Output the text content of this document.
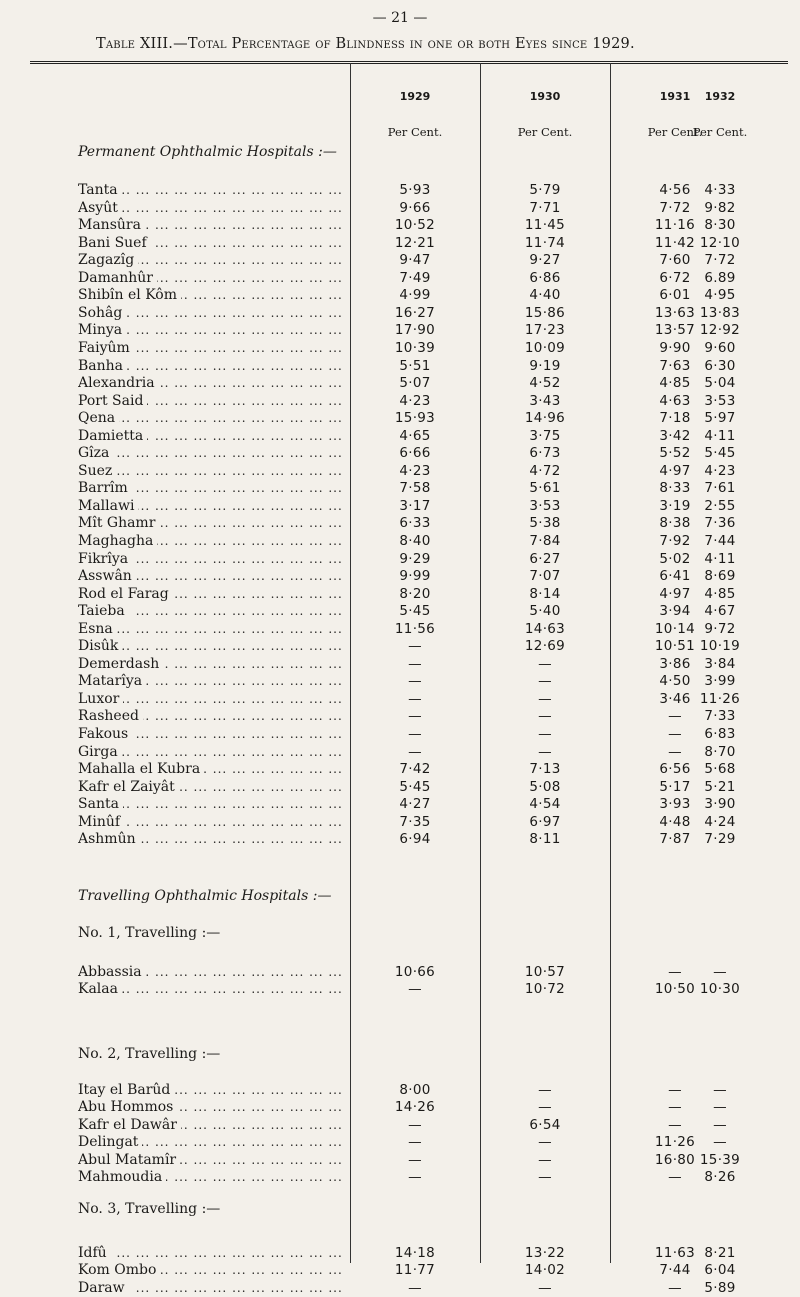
— 21 —
Table XIII.—Total Percentage of Blindness in one or both Eyes since 1929.
1929	1930	1931	1932
Per Cent.	Per Cent.	Per Cent.
Per Cent.
Permanent Ophthalmic Hospitals :—
Tanta ... .	5·93	5·79	4·56	4·33
Asyût ... .	9·66	7·71	7·72	9·82
Mansûra ... .	10·52	11·45	11·16 8·30
Bani Suef ... .	12·21	11·74	11·42 12·10
Zagazîg ... .	9·47	9·27	7·60	7·72
Damanhûr ... .	7·49	6·86	6·72	6.89
Shibîn el Kôm ... .	4·99	4·40	6·01	4·95
Sohâg ... .	16·27	15·86	13·63 13·83
Minya ... .	17·90	17·23	13·57 12·92
Faiyûm ... .	10·39	10·09	9·90	9·60
Banha ... .	5·51	9·19	7·63	6·30
Alexandria ... .	5·07	4·52	4·85	5·04
Port Said ... .	4·23	3·43	4·63	3·53
Qena ... .	15·93	14·96	7·18	5·97
Damietta ... .	4·65	3·75	3·42	4·11
Gîza ... .	6·66	6·73	5·52	5·45
Suez ... .	4·23	4·72	4·97	4·23
Barrîm ... .	7·58	5·61	8·33	7·61
Mallawi ... .	3·17	3·53	3·19	2·55
Mît Ghamr ... .	6·33	5·38	8·38	7·36
Maghagha ... .	8·40	7·84	7·92	7·44
Fikrîya ... .	9·29	6·27	5·02	4·11
Asswân ... .	9·99	7·07	6·41	8·69
Rod el Farag ... .	8·20	8·14	4·97	4·85
Taieba ... .	5·45	5·40	3·94	4·67
Esna ... .	11·56	14·63	10·14 9·72
Disûk ... .	—	12·69	10·51 10·19
Demerdash ... .	—	—	3·86	3·84
Matarîya ... .	—	—	4·50	3·99
Luxor ... .	—	—	3·46 11·26
Rasheed ... .	—	—	—	7·33
Fakous ... .	—	—	—	6·83
Girga ... .	—	—	—	8·70
Mahalla el Kubra ... .	7·42	7·13	6·56	5·68
Kafr el Zaiyât ... .	5·45	5·08	5·17	5·21
Santa ... .	4·27	4·54	3·93	3·90
Minûf ... .	7·35	6·97	4·48	4·24
Ashmûn ... .	6·94	8·11	7·87	7·29
Travelling Ophthalmic Hospitals :—
No. 1, Travelling :—
No. 2, Travelling :—
No. 3, Travelling :—
Abbassia ... .	10·66	10·57	—	—
Kalaa ... .	—	10·72	10·50 10·30
Itay el Barûd ... .	8·00	—	—	—
Abu Hommos ... .	14·26	—	—	—
Kafr el Dawâr ... .	—	6·54	—	—
Delingat ... .	—	—	11·26	—
Abul Matamîr ... .	—	—	16·80 15·39
Mahmoudia ... .	—	—	—	8·26
Idfû ... .	14·18	13·22	11·63 8·21
Kom Ombo ... .	11·77	14·02	7·44	6·04
Daraw ... .	—	—	—	5·89
